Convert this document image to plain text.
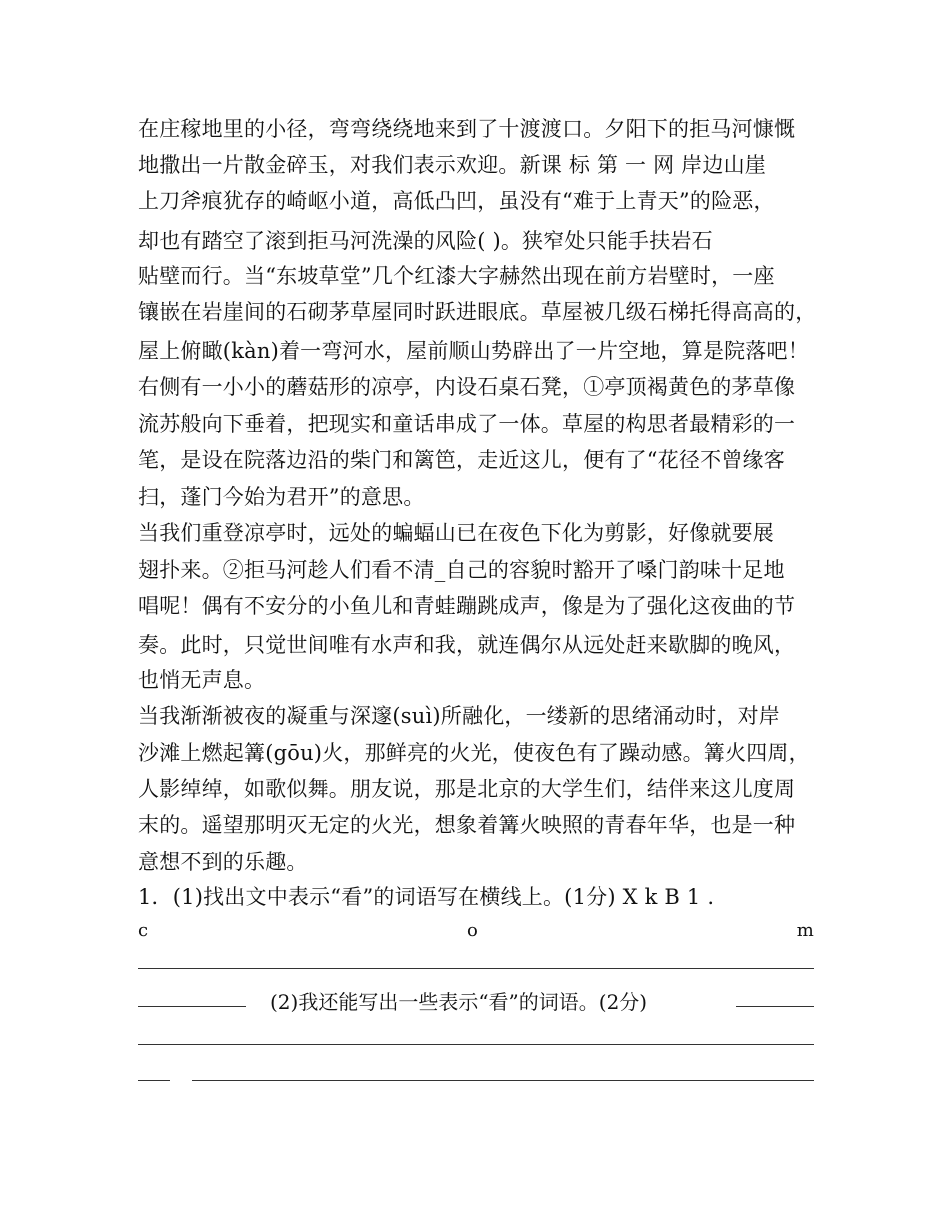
在庄稼地里的小径，弯弯绕绕地来到了十渡渡口。夕阳下的拒马河慷慨
地撒出一片散金碎玉，对我们表示欢迎。新课 标 第 一 网 岸边山崖
上刀斧痕犹存的崎岖小道，高低凸凹，虽没有“难于上青天”的险恶，
却也有踏空了滚到拒马河洗澡的风险( )。狭窄处只能手扶岩石
贴壁而行。当“东坡草堂”几个红漆大字赫然出现在前方岩壁时，一座
镶嵌在岩崖间的石砌茅草屋同时跃进眼底。草屋被几级石梯托得高高的，
屋上俯瞰(kàn)着一弯河水，屋前顺山势辟出了一片空地，算是院落吧！
右侧有一小小的蘑菇形的凉亭，内设石桌石凳，①亭顶褐黄色的茅草像
流苏般向下垂着，把现实和童话串成了一体。草屋的构思者最精彩的一
笔，是设在院落边沿的柴门和篱笆，走近这儿，便有了“花径不曾缘客
扫，蓬门今始为君开”的意思。
当我们重登凉亭时，远处的蝙蝠山已在夜色下化为剪影，好像就要展
翅扑来。②拒马河趁人们看不清_自己的容貌时豁开了嗓门韵味十足地
唱呢！偶有不安分的小鱼儿和青蛙蹦跳成声，像是为了强化这夜曲的节
奏。此时，只觉世间唯有水声和我，就连偶尔从远处赶来歇脚的晚风，
也悄无声息。
当我渐渐被夜的凝重与深邃(suì)所融化，一缕新的思绪涌动时，对岸
沙滩上燃起篝(gōu)火，那鲜亮的火光，使夜色有了躁动感。篝火四周，
人影绰绰，如歌似舞。朋友说，那是北京的大学生们，结伴来这儿度周
末的。遥望那明灭无定的火光，想象着篝火映照的青春年华，也是一种
意想不到的乐趣。
1．(1)找出文中表示“看”的词语写在横线上。(1分) X k B 1 .
c	o	m
(2)我还能写出一些表示“看”的词语。(2分)
